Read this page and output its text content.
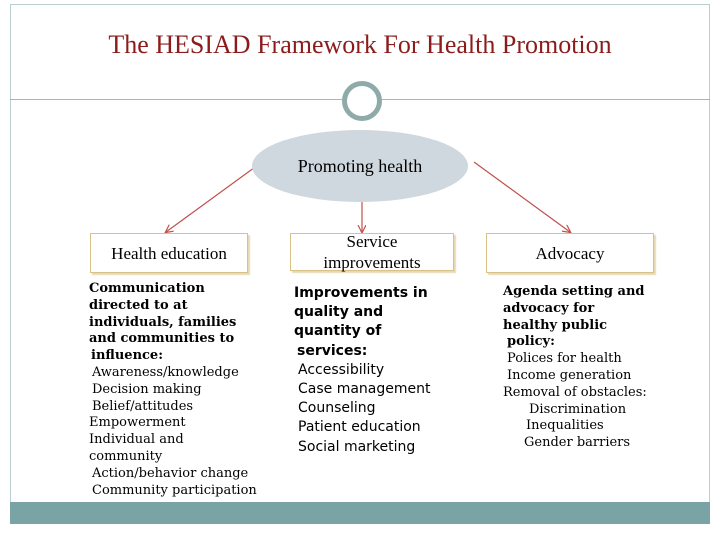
The HESIAD Framework For Health Promotion
Promoting health
Health education
Service improvements	Advocacy
Communication
directed to at
individuals, families
and communities to
influence:
Awareness/knowledge
Decision making
Belief/attitudes
Empowerment
Individual and
community
Action/behavior change
Community participation
Improvements in
quality and
quantity of
services:
Accessibility
Case management
Counseling
Patient education
Social marketing
Agenda setting and
advocacy for
healthy public
policy:
Polices for health
Income generation
Removal of obstacles:
Discrimination
Inequalities
Gender barriers
